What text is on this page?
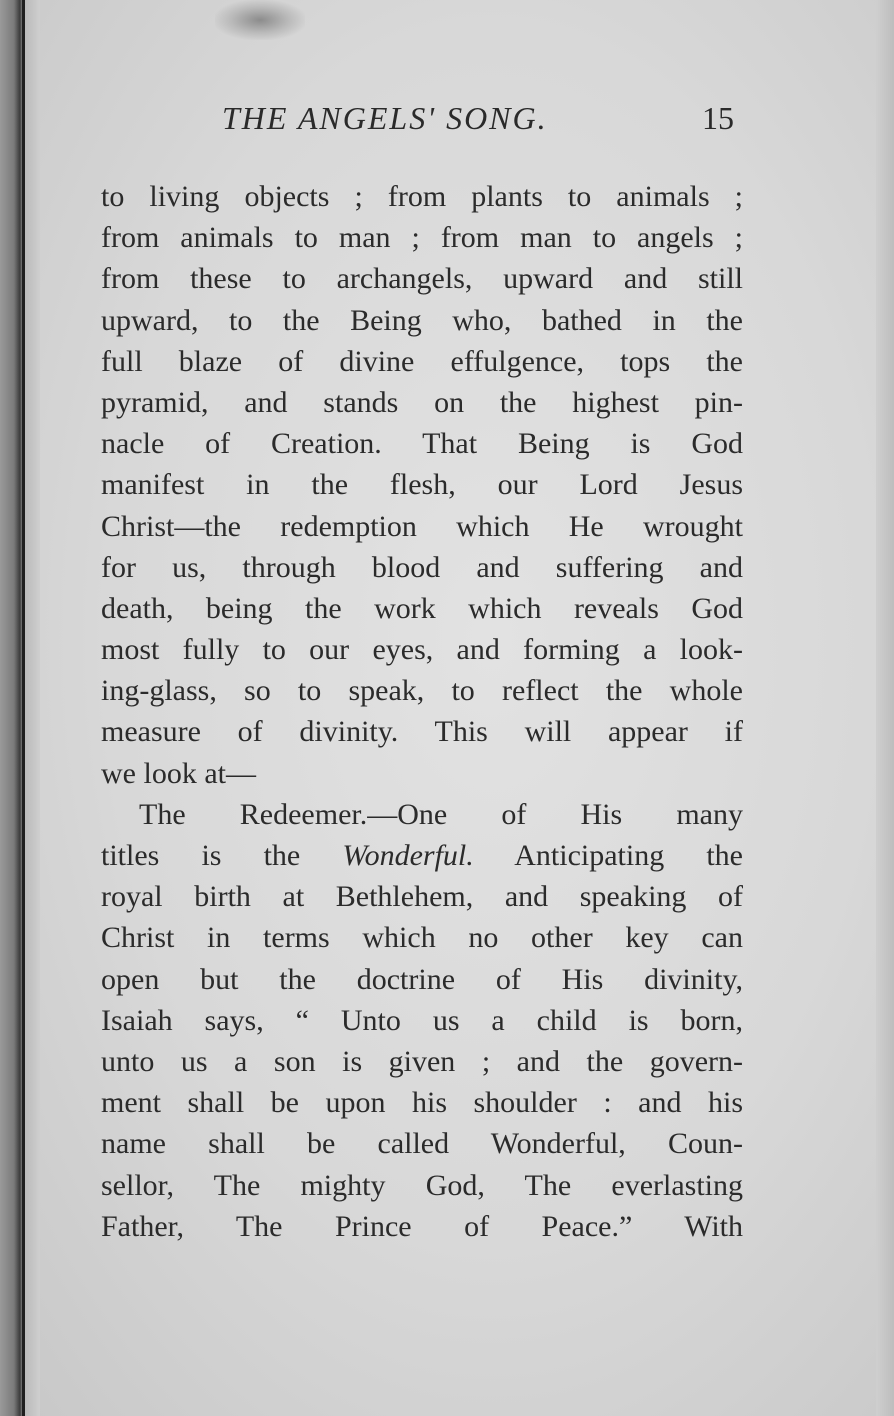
THE ANGELS' SONG.	15
to living objects ; from plants to animals ;
from animals to man ; from man to angels ;
from these to archangels, upward and still
upward, to the Being who, bathed in the
full blaze of divine effulgence, tops the
pyramid, and stands on the highest pin-
nacle of Creation. That Being is God
manifest in the flesh, our Lord Jesus
Christ—the redemption which He wrought
for us, through blood and suffering and
death, being the work which reveals God
most fully to our eyes, and forming a look-
ing-glass, so to speak, to reflect the whole
measure of divinity. This will appear if
we look at—
The Redeemer.—One of His many
titles is the Wonderful. Anticipating the
royal birth at Bethlehem, and speaking of
Christ in terms which no other key can
open but the doctrine of His divinity,
Isaiah says, “ Unto us a child is born,
unto us a son is given ; and the govern-
ment shall be upon his shoulder : and his
name shall be called Wonderful, Coun-
sellor, The mighty God, The everlasting
Father, The Prince of Peace.” With
